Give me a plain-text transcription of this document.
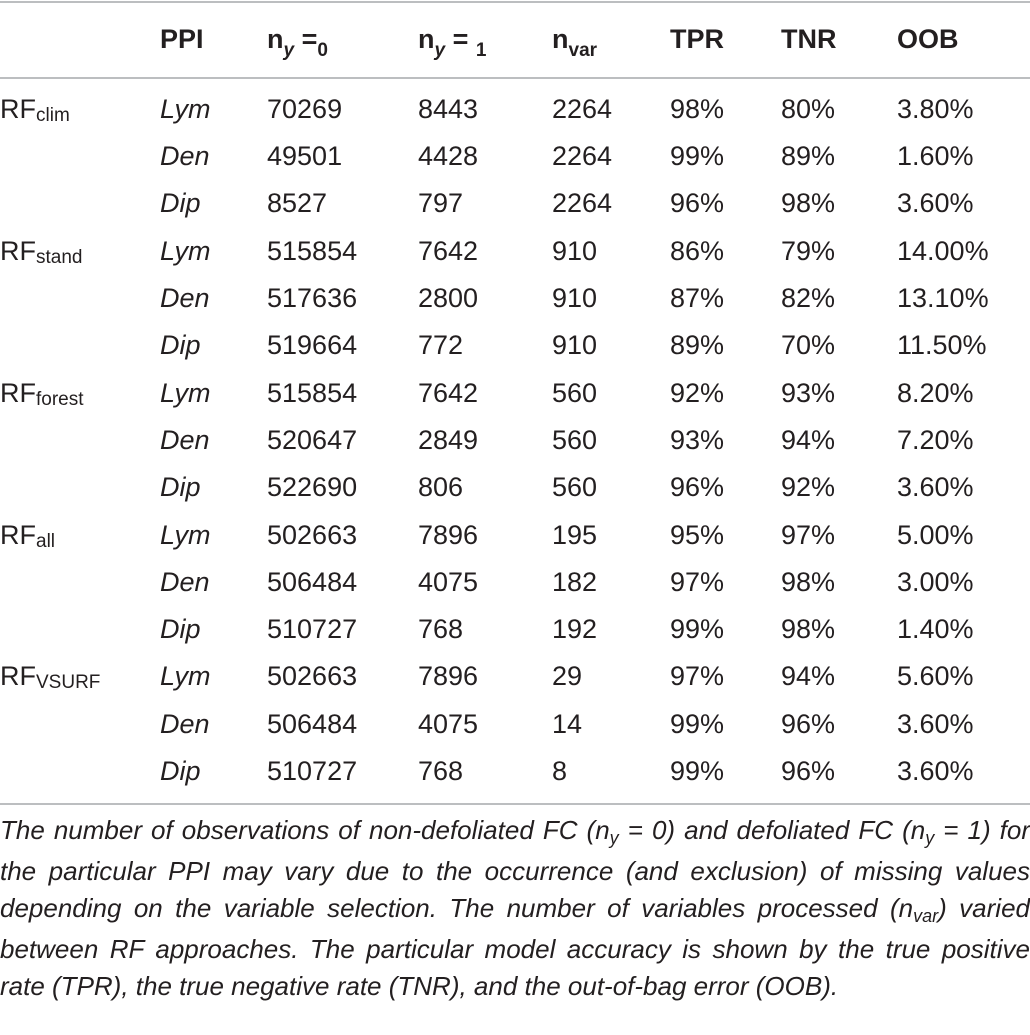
	PPI	$n_y =_0$	$n_y = _1$	$n_{var}$	TPR	TNR	OOB
$RF_{clim}$	Lym	70269	8443	2264	98%	80%	3.80%
	Den	49501	4428	2264	99%	89%	1.60%
	Dip	8527	797	2264	96%	98%	3.60%
$RF_{stand}$	Lym	515854	7642	910	86%	79%	14.00%
	Den	517636	2800	910	87%	82%	13.10%
	Dip	519664	772	910	89%	70%	11.50%
$RF_{forest}$	Lym	515854	7642	560	92%	93%	8.20%
	Den	520647	2849	560	93%	94%	7.20%
	Dip	522690	806	560	96%	92%	3.60%
$RF_{all}$	Lym	502663	7896	195	95%	97%	5.00%
	Den	506484	4075	182	97%	98%	3.00%
	Dip	510727	768	192	99%	98%	1.40%
$RF_{VSURF}$	Lym	502663	7896	29	97%	94%	5.60%
	Den	506484	4075	14	99%	96%	3.60%
	Dip	510727	768	8	99%	96%	3.60%
The number of observations of non-defoliated FC (ny = 0) and defoliated FC (ny = 1) for the particular PPI may vary due to the occurrence (and exclusion) of missing values depending on the variable selection. The number of variables processed (nvar) varied between RF approaches. The particular model accuracy is shown by the true positive rate (TPR), the true negative rate (TNR), and the out-of-bag error (OOB).
